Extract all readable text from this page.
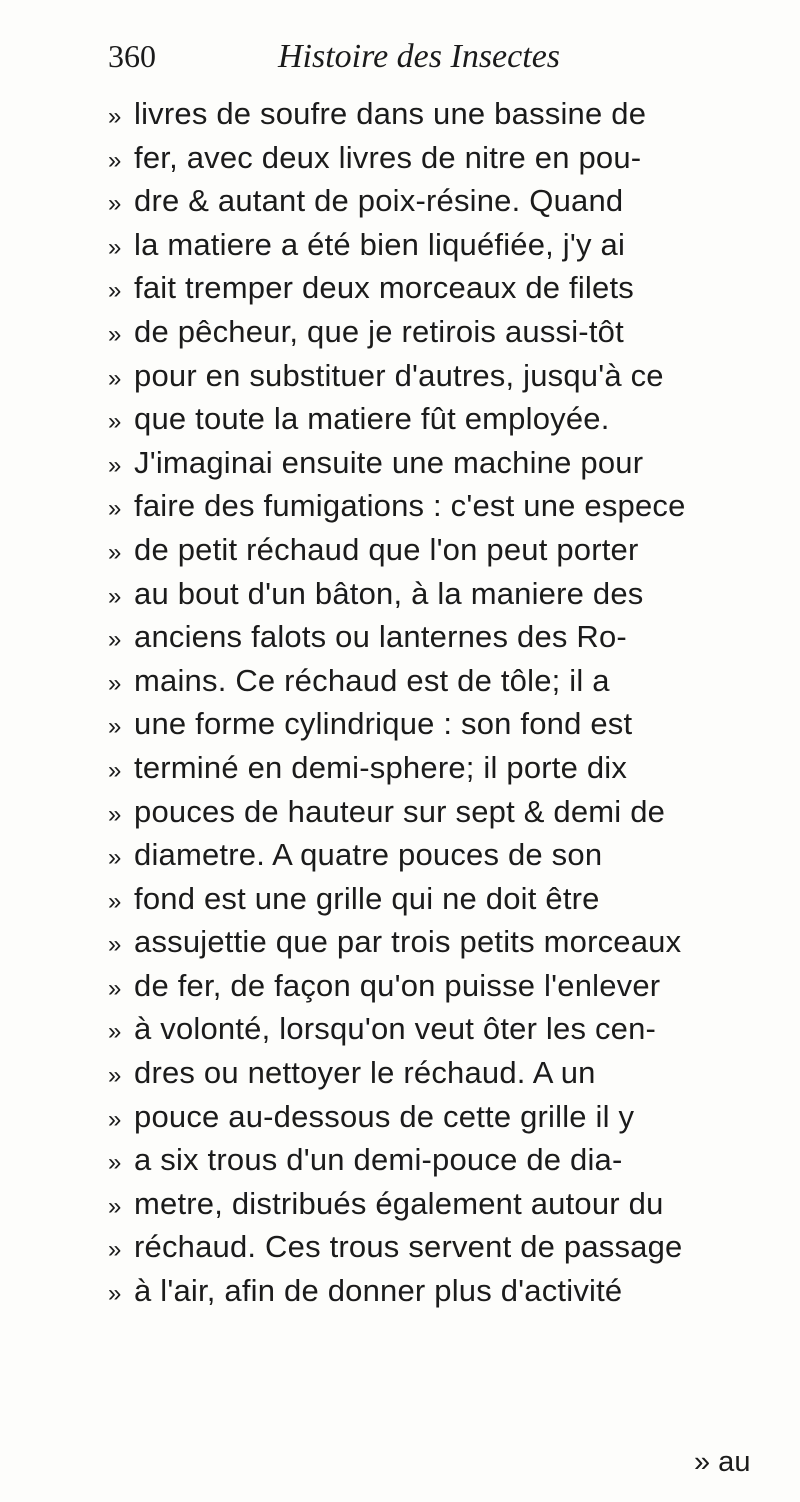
360	Histoire des Insectes
» livres de soufre dans une bassine de
» fer, avec deux livres de nitre en pou-
» dre & autant de poix-résine. Quand
» la matiere a été bien liquéfiée, j'y ai
» fait tremper deux morceaux de filets
» de pêcheur, que je retirois aussi-tôt
» pour en substituer d'autres, jusqu'à ce
» que toute la matiere fût employée.
» J'imaginai ensuite une machine pour
» faire des fumigations : c'est une espece
» de petit réchaud que l'on peut porter
» au bout d'un bâton, à la maniere des
» anciens falots ou lanternes des Ro-
» mains. Ce réchaud est de tôle; il a
» une forme cylindrique : son fond est
» terminé en demi-sphere; il porte dix
» pouces de hauteur sur sept & demi de
» diametre. A quatre pouces de son
» fond est une grille qui ne doit être
» assujettie que par trois petits morceaux
» de fer, de façon qu'on puisse l'enlever
» à volonté, lorsqu'on veut ôter les cen-
» dres ou nettoyer le réchaud. A un
» pouce au-dessous de cette grille il y
» a six trous d'un demi-pouce de dia-
» metre, distribués également autour du
» réchaud. Ces trous servent de passage
» à l'air, afin de donner plus d'activité
» au
